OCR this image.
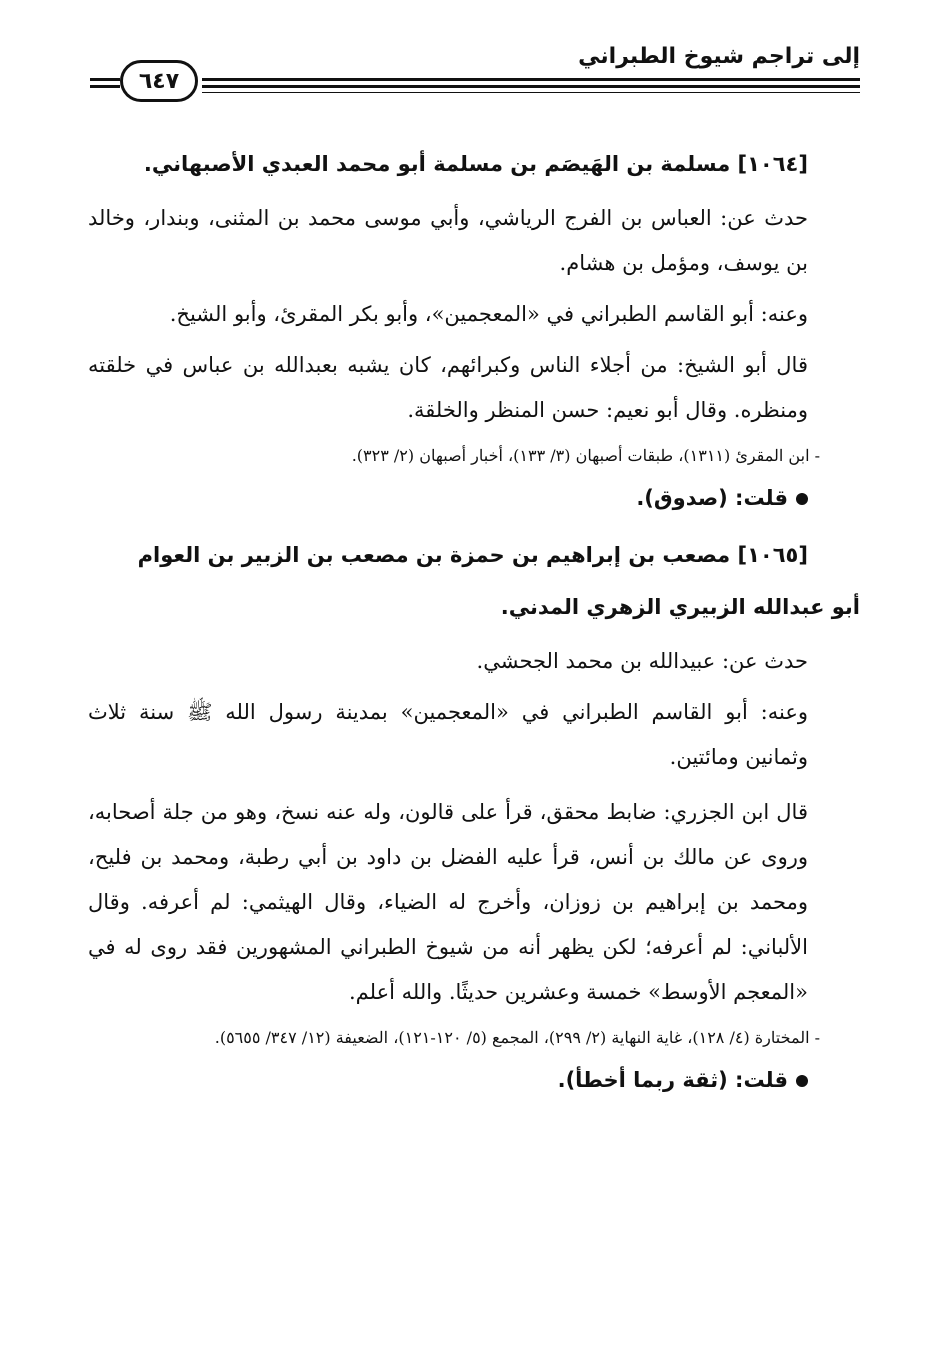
إلى تراجم شيوخ الطبراني
٦٤٧

[١٠٦٤] مسلمة بن الهَيصَم بن مسلمة أبو محمد العبدي الأصبهاني.

حدث عن: العباس بن الفرج الرياشي، وأبي موسى محمد بن المثنى، وبندار، وخالد بن يوسف، ومؤمل بن هشام.

وعنه: أبو القاسم الطبراني في «المعجمين»، وأبو بكر المقرئ، وأبو الشيخ.

قال أبو الشيخ: من أجلاء الناس وكبرائهم، كان يشبه بعبدالله بن عباس في خلقته ومنظره. وقال أبو نعيم: حسن المنظر والخلقة.

- ابن المقرئ (١٣١١)، طبقات أصبهان (٣/ ١٣٣)، أخبار أصبهان (٢/ ٣٢٣).

قلت: (صدوق).

[١٠٦٥] مصعب بن إبراهيم بن حمزة بن مصعب بن الزبير بن العوام

أبو عبدالله الزبيري الزهري المدني.

حدث عن: عبيدالله بن محمد الجحشي.

وعنه: أبو القاسم الطبراني في «المعجمين» بمدينة رسول الله ﷺ سنة ثلاث وثمانين ومائتين.

قال ابن الجزري: ضابط محقق، قرأ على قالون، وله عنه نسخ، وهو من جلة أصحابه، وروى عن مالك بن أنس، قرأ عليه الفضل بن داود بن أبي رطبة، ومحمد بن فليح، ومحمد بن إبراهيم بن زوزان، وأخرج له الضياء، وقال الهيثمي: لم أعرفه. وقال الألباني: لم أعرفه؛ لكن يظهر أنه من شيوخ الطبراني المشهورين فقد روى له في «المعجم الأوسط» خمسة وعشرين حديثًا. والله أعلم.

- المختارة (٤/ ١٢٨)، غاية النهاية (٢/ ٢٩٩)، المجمع (٥/ ١٢٠-١٢١)، الضعيفة (١٢/ ٣٤٧/ ٥٦٥٥).

قلت: (ثقة ربما أخطأ).
